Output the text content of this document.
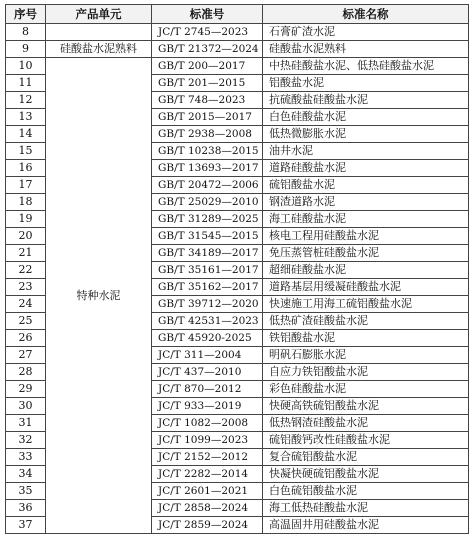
序号	产品单元	标准号	标准名称
8		JC/T 2745—2023	石膏矿渣水泥
9	硅酸盐水泥熟料	GB/T 21372—2024	硅酸盐水泥熟料
10	特种水泥	GB/T 200—2017	中热硅酸盐水泥、低热硅酸盐水泥
11		GB/T 201—2015	铝酸盐水泥
12		GB/T 748—2023	抗硫酸盐硅酸盐水泥
13		GB/T 2015—2017	白色硅酸盐水泥
14		GB/T 2938—2008	低热微膨胀水泥
15		GB/T 10238—2015	油井水泥
16		GB/T 13693—2017	道路硅酸盐水泥
17		GB/T 20472—2006	硫铝酸盐水泥
18		GB/T 25029—2010	钢渣道路水泥
19		GB/T 31289—2025	海工硅酸盐水泥
20		GB/T 31545—2015	核电工程用硅酸盐水泥
21		GB/T 34189—2017	免压蒸管桩硅酸盐水泥
22		GB/T 35161—2017	超细硅酸盐水泥
23		GB/T 35162—2017	道路基层用缓凝硅酸盐水泥
24		GB/T 39712—2020	快速施工用海工硫铝酸盐水泥
25		GB/T 42531—2023	低热矿渣硅酸盐水泥
26		GB/T 45920-2025	铁铝酸盐水泥
27		JC/T 311—2004	明矾石膨胀水泥
28		JC/T 437—2010	自应力铁铝酸盐水泥
29		JC/T 870—2012	彩色硅酸盐水泥
30		JC/T 933—2019	快硬高铁硫铝酸盐水泥
31		JC/T 1082—2008	低热钢渣硅酸盐水泥
32		JC/T 1099—2023	硫铝酸钙改性硅酸盐水泥
33		JC/T 2152—2012	复合硫铝酸盐水泥
34		JC/T 2282—2014	快凝快硬硫铝酸盐水泥
35		JC/T 2601—2021	白色硫铝酸盐水泥
36		JC/T 2858—2024	海工低热硅酸盐水泥
37		JC/T 2859—2024	高温固井用硅酸盐水泥
